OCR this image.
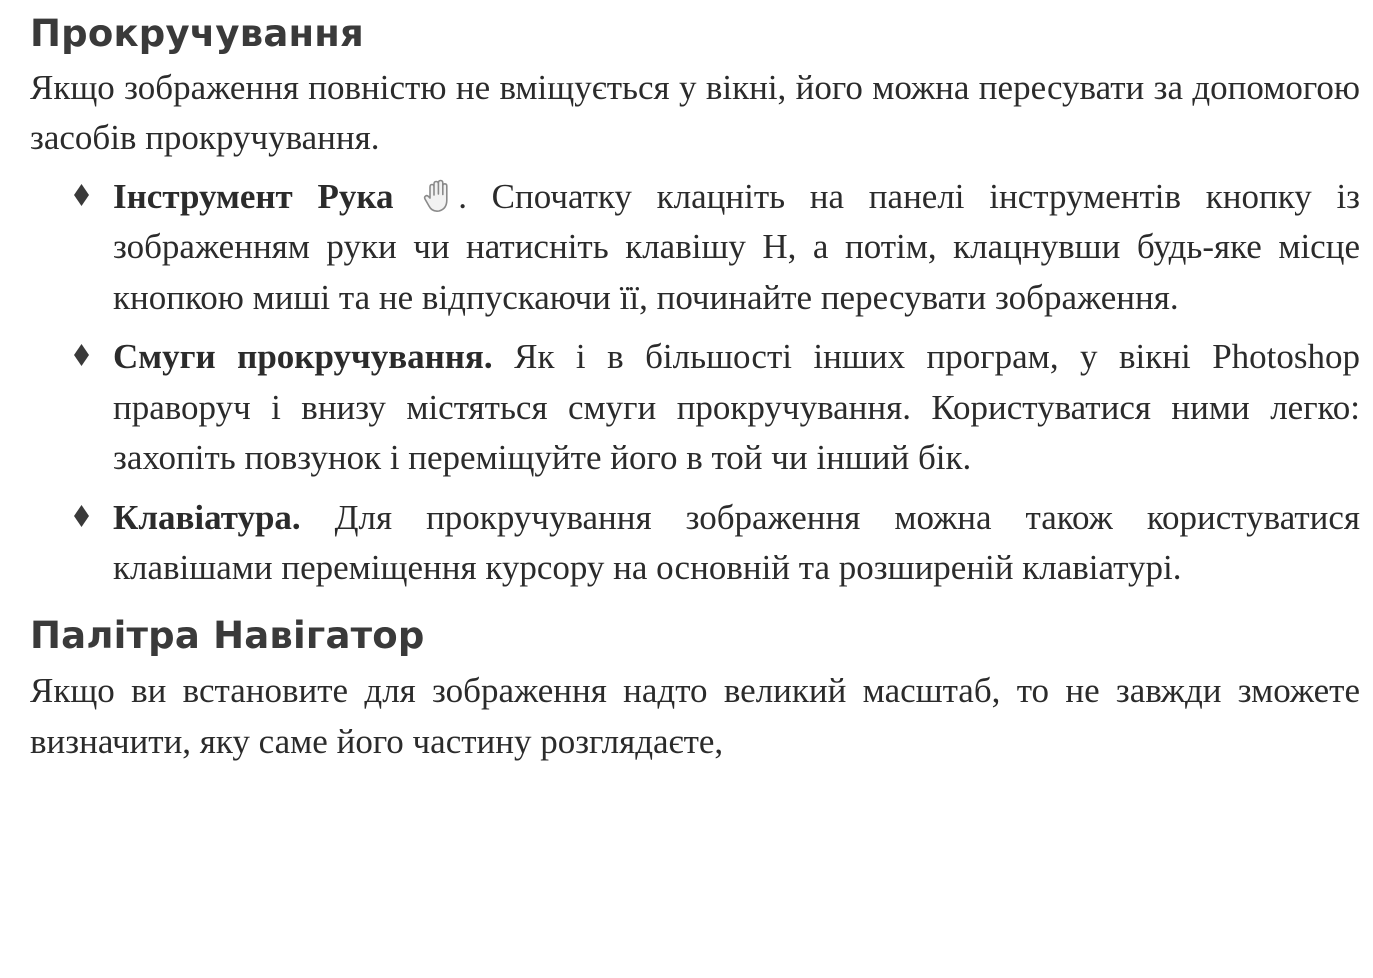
Прокручування

Якщо зображення повністю не вміщується у вікні, його можна пересувати за допомогою засобів прокручування.

Інструмент Рука . Спочатку клацніть на панелі інструментів кнопку із зображенням руки чи натисніть клавішу H, а потім, клацнувши будь-яке місце кнопкою миші та не відпускаючи її, починайте пересувати зображення.

Смуги прокручування. Як і в більшості інших програм, у вікні Photoshop праворуч і внизу містяться смуги прокручування. Користуватися ними легко: захопіть повзунок і переміщуйте його в той чи інший бік.

Клавіатура. Для прокручування зображення можна також користуватися клавішами переміщення курсору на основній та розширеній клавіатурі.

Палітра Навігатор

Якщо ви встановите для зображення надто великий масштаб, то не завжди зможете визначити, яку саме його частину розглядаєте,
